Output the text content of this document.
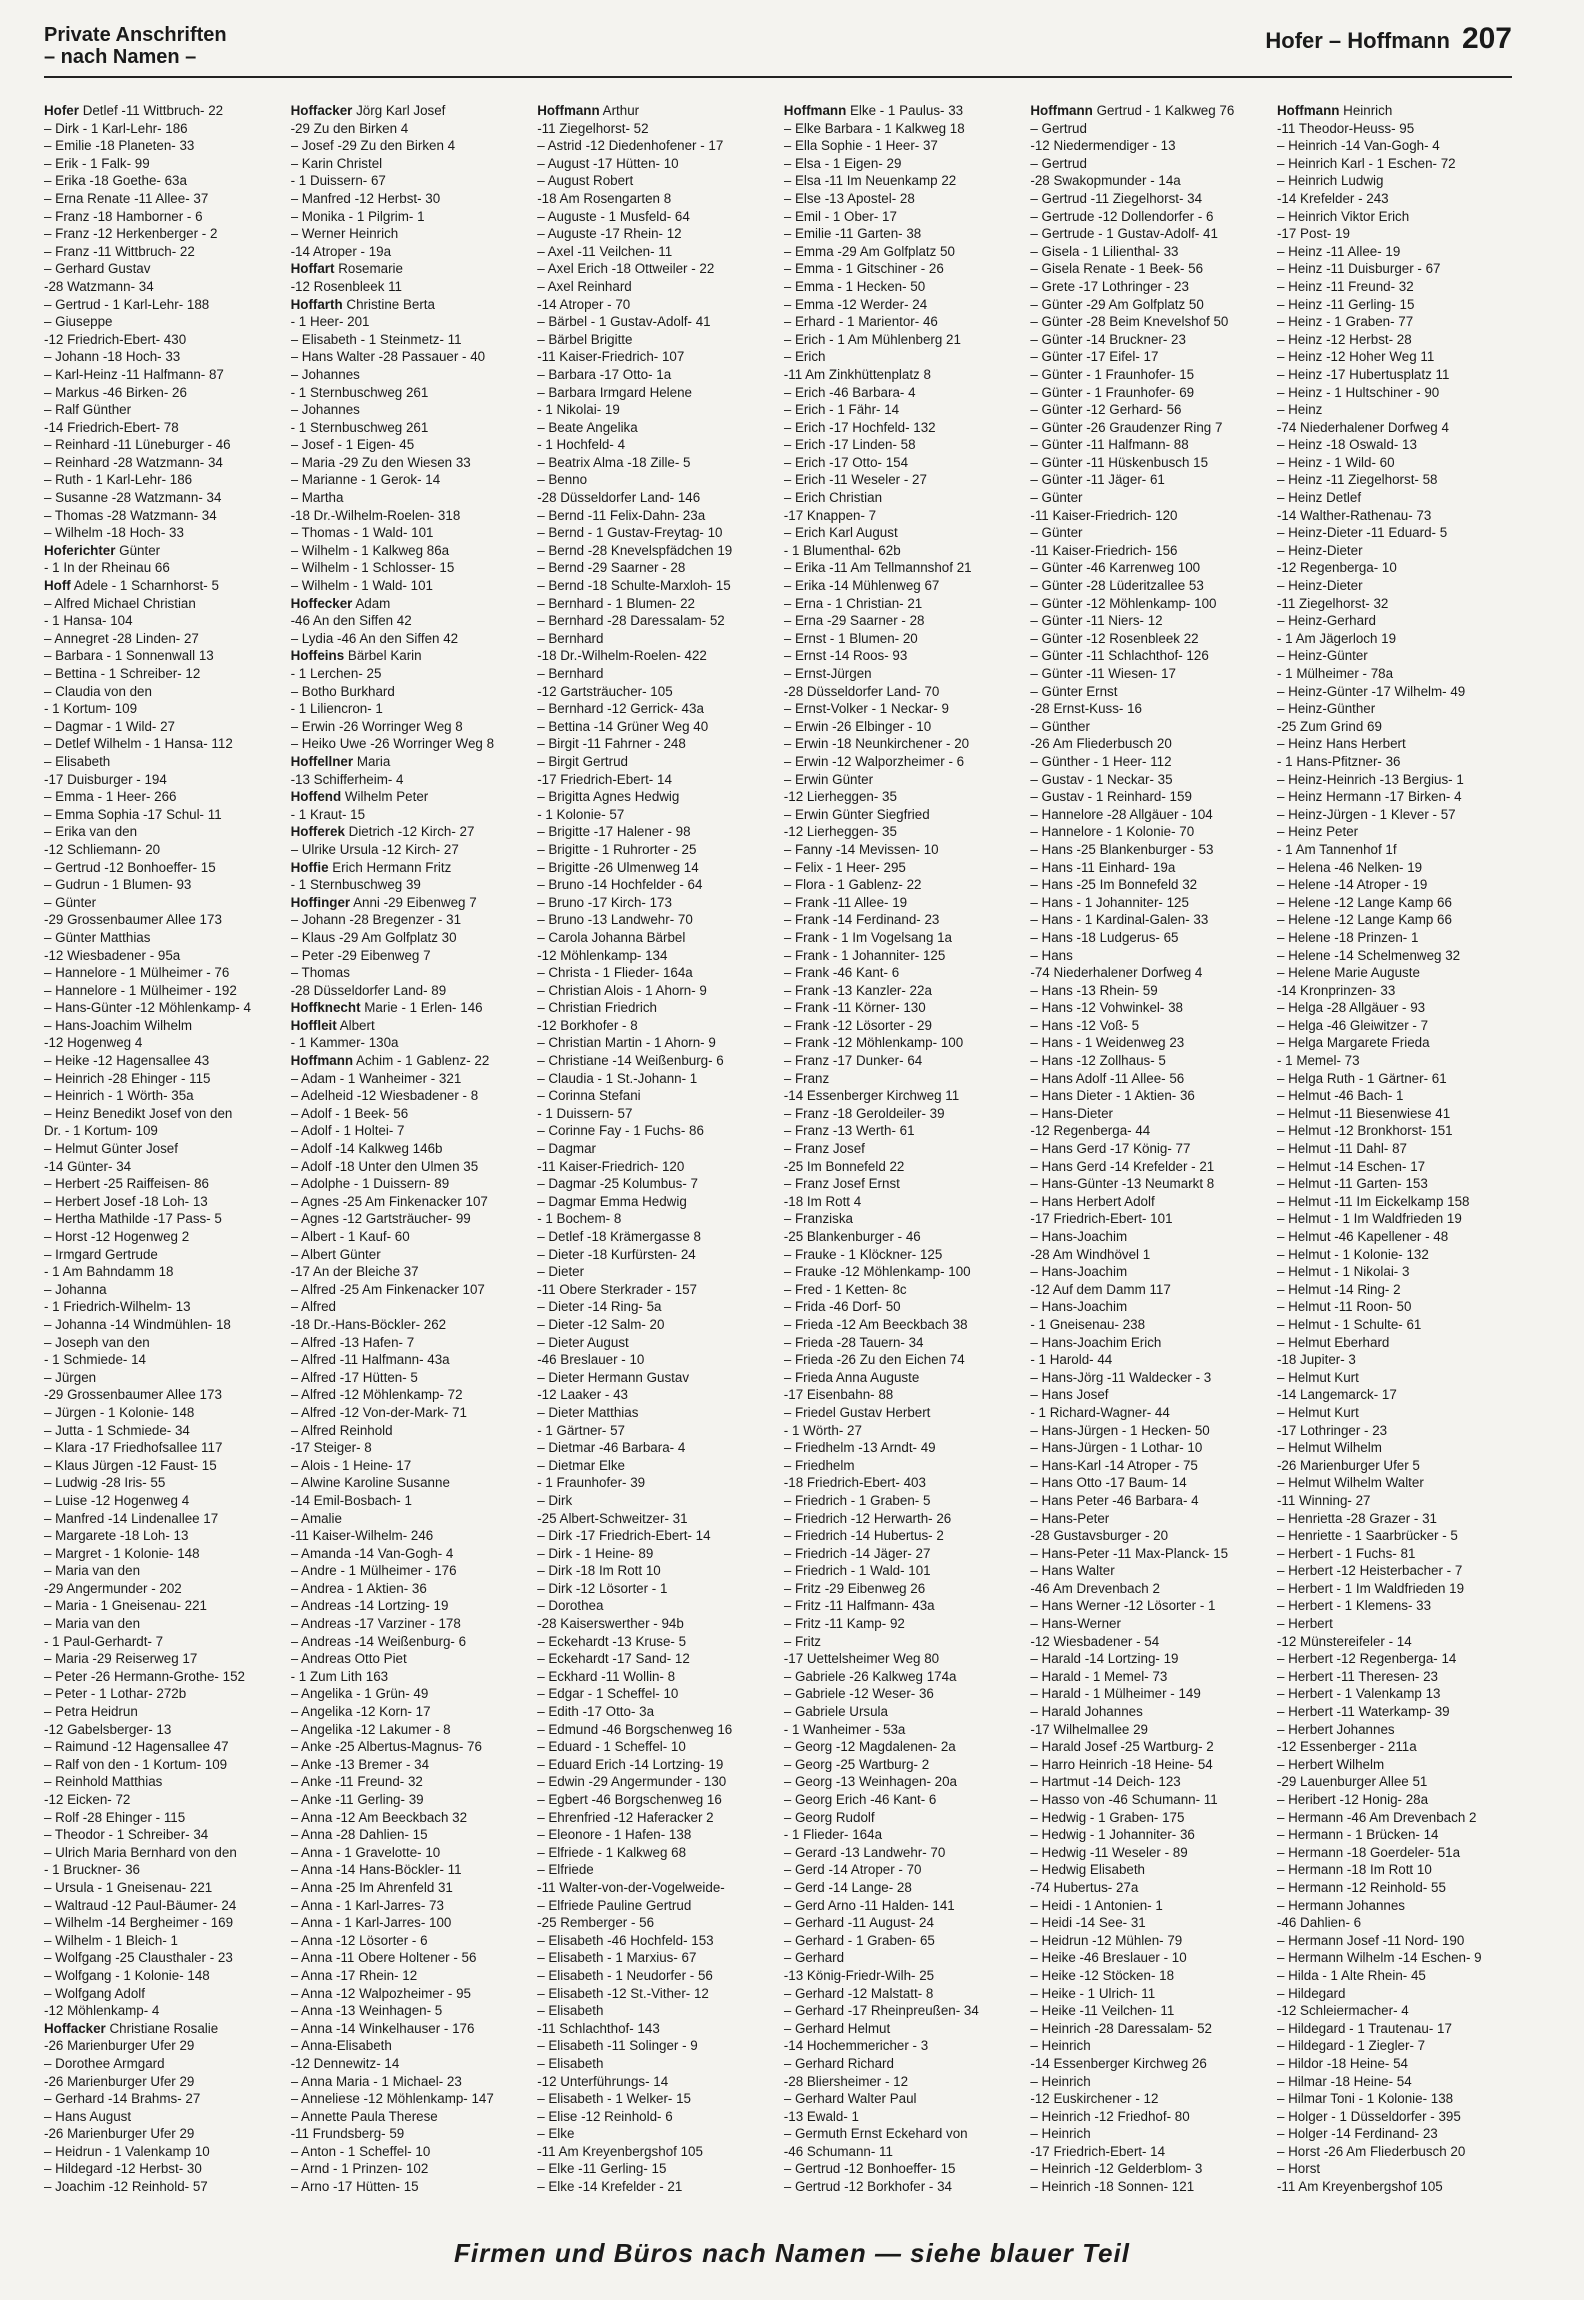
Private Anschriften
– nach Namen –
Hofer – Hoffmann 207
Hofer Detlef -11 Wittbruch- 22
– Dirk - 1 Karl-Lehr- 186
– Emilie -18 Planeten- 33
– Erik - 1 Falk- 99
– Erika -18 Goethe- 63a
– Erna Renate -11 Allee- 37
– Franz -18 Hamborner - 6
– Franz -12 Herkenberger - 2
– Franz -11 Wittbruch- 22
– Gerhard Gustav
-28 Watzmann- 34
– Gertrud - 1 Karl-Lehr- 188
– Giuseppe
-12 Friedrich-Ebert- 430
– Johann -18 Hoch- 33
– Karl-Heinz -11 Halfmann- 87
– Markus -46 Birken- 26
– Ralf Günther
-14 Friedrich-Ebert- 78
– Reinhard -11 Lüneburger - 46
– Reinhard -28 Watzmann- 34
– Ruth - 1 Karl-Lehr- 186
– Susanne -28 Watzmann- 34
– Thomas -28 Watzmann- 34
– Wilhelm -18 Hoch- 33
Hoferichter Günter
- 1 In der Rheinau 66
Hoff Adele - 1 Scharnhorst- 5
– Alfred Michael Christian
- 1 Hansa- 104
– Annegret -28 Linden- 27
– Barbara - 1 Sonnenwall 13
– Bettina - 1 Schreiber- 12
– Claudia von den
- 1 Kortum- 109
– Dagmar - 1 Wild- 27
– Detlef Wilhelm - 1 Hansa- 112
– Elisabeth
-17 Duisburger - 194
– Emma - 1 Heer- 266
– Emma Sophia -17 Schul- 11
– Erika van den
-12 Schliemann- 20
– Gertrud -12 Bonhoeffer- 15
– Gudrun - 1 Blumen- 93
– Günter
-29 Grossenbaumer Allee 173
– Günter Matthias
-12 Wiesbadener - 95a
– Hannelore - 1 Mülheimer - 76
– Hannelore - 1 Mülheimer - 192
– Hans-Günter -12 Möhlenkamp- 4
– Hans-Joachim Wilhelm
-12 Hogenweg 4
– Heike -12 Hagensallee 43
– Heinrich -28 Ehinger - 115
– Heinrich - 1 Wörth- 35a
– Heinz Benedikt Josef von den
Dr. - 1 Kortum- 109
– Helmut Günter Josef
-14 Günter- 34
– Herbert -25 Raiffeisen- 86
– Herbert Josef -18 Loh- 13
– Hertha Mathilde -17 Pass- 5
– Horst -12 Hogenweg 2
– Irmgard Gertrude
- 1 Am Bahndamm 18
– Johanna
- 1 Friedrich-Wilhelm- 13
– Johanna -14 Windmühlen- 18
– Joseph van den
- 1 Schmiede- 14
– Jürgen
-29 Grossenbaumer Allee 173
– Jürgen - 1 Kolonie- 148
– Jutta - 1 Schmiede- 34
– Klara -17 Friedhofsallee 117
– Klaus Jürgen -12 Faust- 15
– Ludwig -28 Iris- 55
– Luise -12 Hogenweg 4
– Manfred -14 Lindenallee 17
– Margarete -18 Loh- 13
– Margret - 1 Kolonie- 148
– Maria van den
-29 Angermunder - 202
– Maria - 1 Gneisenau- 221
– Maria van den
- 1 Paul-Gerhardt- 7
– Maria -29 Reiserweg 17
– Peter -26 Hermann-Grothe- 152
– Peter - 1 Lothar- 272b
– Petra Heidrun
-12 Gabelsberger- 13
– Raimund -12 Hagensallee 47
– Ralf von den - 1 Kortum- 109
– Reinhold Matthias
-12 Eicken- 72
– Rolf -28 Ehinger - 115
– Theodor - 1 Schreiber- 34
– Ulrich Maria Bernhard von den
- 1 Bruckner- 36
– Ursula - 1 Gneisenau- 221
– Waltraud -12 Paul-Bäumer- 24
– Wilhelm -14 Bergheimer - 169
– Wilhelm - 1 Bleich- 1
– Wolfgang -25 Clausthaler - 23
– Wolfgang - 1 Kolonie- 148
– Wolfgang Adolf
-12 Möhlenkamp- 4
Hoffacker Christiane Rosalie
-26 Marienburger Ufer 29
– Dorothee Armgard
-26 Marienburger Ufer 29
– Gerhard -14 Brahms- 27
– Hans August
-26 Marienburger Ufer 29
– Heidrun - 1 Valenkamp 10
– Hildegard -12 Herbst- 30
– Joachim -12 Reinhold- 57
Hoffacker Jörg Karl Josef
-29 Zu den Birken 4
– Josef -29 Zu den Birken 4
– Karin Christel
- 1 Duissern- 67
– Manfred -12 Herbst- 30
– Monika - 1 Pilgrim- 1
– Werner Heinrich
-14 Atroper - 19a
Hoffart Rosemarie
-12 Rosenbleek 11
Hoffarth Christine Berta
- 1 Heer- 201
– Elisabeth - 1 Steinmetz- 11
– Hans Walter -28 Passauer - 40
– Johannes
- 1 Sternbuschweg 261
– Johannes
- 1 Sternbuschweg 261
– Josef - 1 Eigen- 45
– Maria -29 Zu den Wiesen 33
– Marianne - 1 Gerok- 14
– Martha
-18 Dr.-Wilhelm-Roelen- 318
– Thomas - 1 Wald- 101
– Wilhelm - 1 Kalkweg 86a
– Wilhelm - 1 Schlosser- 15
– Wilhelm - 1 Wald- 101
Hoffecker Adam
-46 An den Siffen 42
– Lydia -46 An den Siffen 42
Hoffeins Bärbel Karin
- 1 Lerchen- 25
– Botho Burkhard
- 1 Liliencron- 1
– Erwin -26 Worringer Weg 8
– Heiko Uwe -26 Worringer Weg 8
Hoffellner Maria
-13 Schifferheim- 4
Hoffend Wilhelm Peter
- 1 Kraut- 15
Hofferek Dietrich -12 Kirch- 27
– Ulrike Ursula -12 Kirch- 27
Hoffie Erich Hermann Fritz
- 1 Sternbuschweg 39
Hoffinger Anni -29 Eibenweg 7
– Johann -28 Bregenzer - 31
– Klaus -29 Am Golfplatz 30
– Peter -29 Eibenweg 7
– Thomas
-28 Düsseldorfer Land- 89
Hoffknecht Marie - 1 Erlen- 146
Hoffleit Albert
- 1 Kammer- 130a
Hoffmann Achim - 1 Gablenz- 22
– Adam - 1 Wanheimer - 321
– Adelheid -12 Wiesbadener - 8
– Adolf - 1 Beek- 56
– Adolf - 1 Holtei- 7
– Adolf -14 Kalkweg 146b
– Adolf -18 Unter den Ulmen 35
– Adolphe - 1 Duissern- 89
– Agnes -25 Am Finkenacker 107
– Agnes -12 Gartsträucher- 99
– Albert - 1 Kauf- 60
– Albert Günter
-17 An der Bleiche 37
– Alfred -25 Am Finkenacker 107
– Alfred
-18 Dr.-Hans-Böckler- 262
– Alfred -13 Hafen- 7
– Alfred -11 Halfmann- 43a
– Alfred -17 Hütten- 5
– Alfred -12 Möhlenkamp- 72
– Alfred -12 Von-der-Mark- 71
– Alfred Reinhold
-17 Steiger- 8
– Alois - 1 Heine- 17
– Alwine Karoline Susanne
-14 Emil-Bosbach- 1
– Amalie
-11 Kaiser-Wilhelm- 246
– Amanda -14 Van-Gogh- 4
– Andre - 1 Mülheimer - 176
– Andrea - 1 Aktien- 36
– Andreas -14 Lortzing- 19
– Andreas -17 Varziner - 178
– Andreas -14 Weißenburg- 6
– Andreas Otto Piet
- 1 Zum Lith 163
– Angelika - 1 Grün- 49
– Angelika -12 Korn- 17
– Angelika -12 Lakumer - 8
– Anke -25 Albertus-Magnus- 76
– Anke -13 Bremer - 34
– Anke -11 Freund- 32
– Anke -11 Gerling- 39
– Anna -12 Am Beeckbach 32
– Anna -28 Dahlien- 15
– Anna - 1 Gravelotte- 10
– Anna -14 Hans-Böckler- 11
– Anna -25 Im Ahrenfeld 31
– Anna - 1 Karl-Jarres- 73
– Anna - 1 Karl-Jarres- 100
– Anna -12 Lösorter - 6
– Anna -11 Obere Holtener - 56
– Anna -17 Rhein- 12
– Anna -12 Walpozheimer - 95
– Anna -13 Weinhagen- 5
– Anna -14 Winkelhauser - 176
– Anna-Elisabeth
-12 Dennewitz- 14
– Anna Maria - 1 Michael- 23
– Anneliese -12 Möhlenkamp- 147
– Annette Paula Therese
-11 Frundsberg- 59
– Anton - 1 Scheffel- 10
– Arnd - 1 Prinzen- 102
– Arno -17 Hütten- 15
Hoffmann Arthur
-11 Ziegelhorst- 52
– Astrid -12 Diedenhofener - 17
– August -17 Hütten- 10
– August Robert
-18 Am Rosengarten 8
– Auguste - 1 Musfeld- 64
– Auguste -17 Rhein- 12
– Axel -11 Veilchen- 11
– Axel Erich -18 Ottweiler - 22
– Axel Reinhard
-14 Atroper - 70
– Bärbel - 1 Gustav-Adolf- 41
– Bärbel Brigitte
-11 Kaiser-Friedrich- 107
– Barbara -17 Otto- 1a
– Barbara Irmgard Helene
- 1 Nikolai- 19
– Beate Angelika
- 1 Hochfeld- 4
– Beatrix Alma -18 Zille- 5
– Benno
-28 Düsseldorfer Land- 146
– Bernd -11 Felix-Dahn- 23a
– Bernd - 1 Gustav-Freytag- 10
– Bernd -28 Knevelspfädchen 19
– Bernd -29 Saarner - 28
– Bernd -18 Schulte-Marxloh- 15
– Bernhard - 1 Blumen- 22
– Bernhard -28 Daressalam- 52
– Bernhard
-18 Dr.-Wilhelm-Roelen- 422
– Bernhard
-12 Gartsträucher- 105
– Bernhard -12 Gerrick- 43a
– Bettina -14 Grüner Weg 40
– Birgit -11 Fahrner - 248
– Birgit Gertrud
-17 Friedrich-Ebert- 14
– Brigitta Agnes Hedwig
- 1 Kolonie- 57
– Brigitte -17 Halener - 98
– Brigitte - 1 Ruhrorter - 25
– Brigitte -26 Ulmenweg 14
– Bruno -14 Hochfelder - 64
– Bruno -17 Kirch- 173
– Bruno -13 Landwehr- 70
– Carola Johanna Bärbel
-12 Möhlenkamp- 134
– Christa - 1 Flieder- 164a
– Christian Alois - 1 Ahorn- 9
– Christian Friedrich
-12 Borkhofer - 8
– Christian Martin - 1 Ahorn- 9
– Christiane -14 Weißenburg- 6
– Claudia - 1 St.-Johann- 1
– Corinna Stefani
- 1 Duissern- 57
– Corinne Fay - 1 Fuchs- 86
– Dagmar
-11 Kaiser-Friedrich- 120
– Dagmar -25 Kolumbus- 7
– Dagmar Emma Hedwig
- 1 Bochem- 8
– Detlef -18 Krämergasse 8
– Dieter -18 Kurfürsten- 24
– Dieter
-11 Obere Sterkrader - 157
– Dieter -14 Ring- 5a
– Dieter -12 Salm- 20
– Dieter August
-46 Breslauer - 10
– Dieter Hermann Gustav
-12 Laaker - 43
– Dieter Matthias
- 1 Gärtner- 57
– Dietmar -46 Barbara- 4
– Dietmar Elke
- 1 Fraunhofer- 39
– Dirk
-25 Albert-Schweitzer- 31
– Dirk -17 Friedrich-Ebert- 14
– Dirk - 1 Heine- 89
– Dirk -18 Im Rott 10
– Dirk -12 Lösorter - 1
– Dorothea
-28 Kaiserswerther - 94b
– Eckehardt -13 Kruse- 5
– Eckehardt -17 Sand- 12
– Eckhard -11 Wollin- 8
– Edgar - 1 Scheffel- 10
– Edith -17 Otto- 3a
– Edmund -46 Borgschenweg 16
– Eduard - 1 Scheffel- 10
– Eduard Erich -14 Lortzing- 19
– Edwin -29 Angermunder - 130
– Egbert -46 Borgschenweg 16
– Ehrenfried -12 Haferacker 2
– Eleonore - 1 Hafen- 138
– Elfriede - 1 Kalkweg 68
– Elfriede
-11 Walter-von-der-Vogelweide-
– Elfriede Pauline Gertrud
-25 Remberger - 56
– Elisabeth -46 Hochfeld- 153
– Elisabeth - 1 Marxius- 67
– Elisabeth - 1 Neudorfer - 56
– Elisabeth -12 St.-Vither- 12
– Elisabeth
-11 Schlachthof- 143
– Elisabeth -11 Solinger - 9
– Elisabeth
-12 Unterführungs- 14
– Elisabeth - 1 Welker- 15
– Elise -12 Reinhold- 6
– Elke
-11 Am Kreyenbergshof 105
– Elke -11 Gerling- 15
– Elke -14 Krefelder - 21
Hoffmann Elke - 1 Paulus- 33
– Elke Barbara - 1 Kalkweg 18
– Ella Sophie - 1 Heer- 37
– Elsa - 1 Eigen- 29
– Elsa -11 Im Neuenkamp 22
– Else -13 Apostel- 28
– Emil - 1 Ober- 17
– Emilie -11 Garten- 38
– Emma -29 Am Golfplatz 50
– Emma - 1 Gitschiner - 26
– Emma - 1 Hecken- 50
– Emma -12 Werder- 24
– Erhard - 1 Marientor- 46
– Erich - 1 Am Mühlenberg 21
– Erich
-11 Am Zinkhüttenplatz 8
– Erich -46 Barbara- 4
– Erich - 1 Fähr- 14
– Erich -17 Hochfeld- 132
– Erich -17 Linden- 58
– Erich -17 Otto- 154
– Erich -11 Weseler - 27
– Erich Christian
-17 Knappen- 7
– Erich Karl August
- 1 Blumenthal- 62b
– Erika -11 Am Tellmannshof 21
– Erika -14 Mühlenweg 67
– Erna - 1 Christian- 21
– Erna -29 Saarner - 28
– Ernst - 1 Blumen- 20
– Ernst -14 Roos- 93
– Ernst-Jürgen
-28 Düsseldorfer Land- 70
– Ernst-Volker - 1 Neckar- 9
– Erwin -26 Elbinger - 10
– Erwin -18 Neunkirchener - 20
– Erwin -12 Walporzheimer - 6
– Erwin Günter
-12 Lierheggen- 35
– Erwin Günter Siegfried
-12 Lierheggen- 35
– Fanny -14 Mevissen- 10
– Felix - 1 Heer- 295
– Flora - 1 Gablenz- 22
– Frank -11 Allee- 19
– Frank -14 Ferdinand- 23
– Frank - 1 Im Vogelsang 1a
– Frank - 1 Johanniter- 125
– Frank -46 Kant- 6
– Frank -13 Kanzler- 22a
– Frank -11 Körner- 130
– Frank -12 Lösorter - 29
– Frank -12 Möhlenkamp- 100
– Franz -17 Dunker- 64
– Franz
-14 Essenberger Kirchweg 11
– Franz -18 Geroldeiler- 39
– Franz -13 Werth- 61
– Franz Josef
-25 Im Bonnefeld 22
– Franz Josef Ernst
-18 Im Rott 4
– Franziska
-25 Blankenburger - 46
– Frauke - 1 Klöckner- 125
– Frauke -12 Möhlenkamp- 100
– Fred - 1 Ketten- 8c
– Frida -46 Dorf- 50
– Frieda -12 Am Beeckbach 38
– Frieda -28 Tauern- 34
– Frieda -26 Zu den Eichen 74
– Frieda Anna Auguste
-17 Eisenbahn- 88
– Friedel Gustav Herbert
- 1 Wörth- 27
– Friedhelm -13 Arndt- 49
– Friedhelm
-18 Friedrich-Ebert- 403
– Friedrich - 1 Graben- 5
– Friedrich -12 Herwarth- 26
– Friedrich -14 Hubertus- 2
– Friedrich -14 Jäger- 27
– Friedrich - 1 Wald- 101
– Fritz -29 Eibenweg 26
– Fritz -11 Halfmann- 43a
– Fritz -11 Kamp- 92
– Fritz
-17 Uettelsheimer Weg 80
– Gabriele -26 Kalkweg 174a
– Gabriele -12 Weser- 36
– Gabriele Ursula
- 1 Wanheimer - 53a
– Georg -12 Magdalenen- 2a
– Georg -25 Wartburg- 2
– Georg -13 Weinhagen- 20a
– Georg Erich -46 Kant- 6
– Georg Rudolf
- 1 Flieder- 164a
– Gerard -13 Landwehr- 70
– Gerd -14 Atroper - 70
– Gerd -14 Lange- 28
– Gerd Arno -11 Halden- 141
– Gerhard -11 August- 24
– Gerhard - 1 Graben- 65
– Gerhard
-13 König-Friedr-Wilh- 25
– Gerhard -12 Malstatt- 8
– Gerhard -17 Rheinpreußen- 34
– Gerhard Helmut
-14 Hochemmericher - 3
– Gerhard Richard
-28 Bliersheimer - 12
– Gerhard Walter Paul
-13 Ewald- 1
– Germuth Ernst Eckehard von
-46 Schumann- 11
– Gertrud -12 Bonhoeffer- 15
– Gertrud -12 Borkhofer - 34
Hoffmann Gertrud - 1 Kalkweg 76
– Gertrud
-12 Niedermendiger - 13
– Gertrud
-28 Swakopmunder - 14a
– Gertrud -11 Ziegelhorst- 34
– Gertrude -12 Dollendorfer - 6
– Gertrude - 1 Gustav-Adolf- 41
– Gisela - 1 Lilienthal- 33
– Gisela Renate - 1 Beek- 56
– Grete -17 Lothringer - 23
– Günter -29 Am Golfplatz 50
– Günter -28 Beim Knevelshof 50
– Günter -14 Bruckner- 23
– Günter -17 Eifel- 17
– Günter - 1 Fraunhofer- 15
– Günter - 1 Fraunhofer- 69
– Günter -12 Gerhard- 56
– Günter -26 Graudenzer Ring 7
– Günter -11 Halfmann- 88
– Günter -11 Hüskenbusch 15
– Günter -11 Jäger- 61
– Günter
-11 Kaiser-Friedrich- 120
– Günter
-11 Kaiser-Friedrich- 156
– Günter -46 Karrenweg 100
– Günter -28 Lüderitzallee 53
– Günter -12 Möhlenkamp- 100
– Günter -11 Niers- 12
– Günter -12 Rosenbleek 22
– Günter -11 Schlachthof- 126
– Günter -11 Wiesen- 17
– Günter Ernst
-28 Ernst-Kuss- 16
– Günther
-26 Am Fliederbusch 20
– Günther - 1 Heer- 112
– Gustav - 1 Neckar- 35
– Gustav - 1 Reinhard- 159
– Hannelore -28 Allgäuer - 104
– Hannelore - 1 Kolonie- 70
– Hans -25 Blankenburger - 53
– Hans -11 Einhard- 19a
– Hans -25 Im Bonnefeld 32
– Hans - 1 Johanniter- 125
– Hans - 1 Kardinal-Galen- 33
– Hans -18 Ludgerus- 65
– Hans
-74 Niederhalener Dorfweg 4
– Hans -13 Rhein- 59
– Hans -12 Vohwinkel- 38
– Hans -12 Voß- 5
– Hans - 1 Weidenweg 23
– Hans -12 Zollhaus- 5
– Hans Adolf -11 Allee- 56
– Hans Dieter - 1 Aktien- 36
– Hans-Dieter
-12 Regenberga- 44
– Hans Gerd -17 König- 77
– Hans Gerd -14 Krefelder - 21
– Hans-Günter -13 Neumarkt 8
– Hans Herbert Adolf
-17 Friedrich-Ebert- 101
– Hans-Joachim
-28 Am Windhövel 1
– Hans-Joachim
-12 Auf dem Damm 117
– Hans-Joachim
- 1 Gneisenau- 238
– Hans-Joachim Erich
- 1 Harold- 44
– Hans-Jörg -11 Waldecker - 3
– Hans Josef
- 1 Richard-Wagner- 44
– Hans-Jürgen - 1 Hecken- 50
– Hans-Jürgen - 1 Lothar- 10
– Hans-Karl -14 Atroper - 75
– Hans Otto -17 Baum- 14
– Hans Peter -46 Barbara- 4
– Hans-Peter
-28 Gustavsburger - 20
– Hans-Peter -11 Max-Planck- 15
– Hans Walter
-46 Am Drevenbach 2
– Hans Werner -12 Lösorter - 1
– Hans-Werner
-12 Wiesbadener - 54
– Harald -14 Lortzing- 19
– Harald - 1 Memel- 73
– Harald - 1 Mülheimer - 149
– Harald Johannes
-17 Wilhelmallee 29
– Harald Josef -25 Wartburg- 2
– Harro Heinrich -18 Heine- 54
– Hartmut -14 Deich- 123
– Hasso von -46 Schumann- 11
– Hedwig - 1 Graben- 175
– Hedwig - 1 Johanniter- 36
– Hedwig -11 Weseler - 89
– Hedwig Elisabeth
-74 Hubertus- 27a
– Heidi - 1 Antonien- 1
– Heidi -14 See- 31
– Heidrun -12 Mühlen- 79
– Heike -46 Breslauer - 10
– Heike -12 Stöcken- 18
– Heike - 1 Ulrich- 11
– Heike -11 Veilchen- 11
– Heinrich -28 Daressalam- 52
– Heinrich
-14 Essenberger Kirchweg 26
– Heinrich
-12 Euskirchener - 12
– Heinrich -12 Friedhof- 80
– Heinrich
-17 Friedrich-Ebert- 14
– Heinrich -12 Gelderblom- 3
– Heinrich -18 Sonnen- 121
Hoffmann Heinrich
-11 Theodor-Heuss- 95
– Heinrich -14 Van-Gogh- 4
– Heinrich Karl - 1 Eschen- 72
– Heinrich Ludwig
-14 Krefelder - 243
– Heinrich Viktor Erich
-17 Post- 19
– Heinz -11 Allee- 19
– Heinz -11 Duisburger - 67
– Heinz -11 Freund- 32
– Heinz -11 Gerling- 15
– Heinz - 1 Graben- 77
– Heinz -12 Herbst- 28
– Heinz -12 Hoher Weg 11
– Heinz -17 Hubertusplatz 11
– Heinz - 1 Hultschiner - 90
– Heinz
-74 Niederhalener Dorfweg 4
– Heinz -18 Oswald- 13
– Heinz - 1 Wild- 60
– Heinz -11 Ziegelhorst- 58
– Heinz Detlef
-14 Walther-Rathenau- 73
– Heinz-Dieter -11 Eduard- 5
– Heinz-Dieter
-12 Regenberga- 10
– Heinz-Dieter
-11 Ziegelhorst- 32
– Heinz-Gerhard
- 1 Am Jägerloch 19
– Heinz-Günter
- 1 Mülheimer - 78a
– Heinz-Günter -17 Wilhelm- 49
– Heinz-Günther
-25 Zum Grind 69
– Heinz Hans Herbert
- 1 Hans-Pfitzner- 36
– Heinz-Heinrich -13 Bergius- 1
– Heinz Hermann -17 Birken- 4
– Heinz-Jürgen - 1 Klever - 57
– Heinz Peter
- 1 Am Tannenhof 1f
– Helena -46 Nelken- 19
– Helene -14 Atroper - 19
– Helene -12 Lange Kamp 66
– Helene -12 Lange Kamp 66
– Helene -18 Prinzen- 1
– Helene -14 Schelmenweg 32
– Helene Marie Auguste
-14 Kronprinzen- 33
– Helga -28 Allgäuer - 93
– Helga -46 Gleiwitzer - 7
– Helga Margarete Frieda
- 1 Memel- 73
– Helga Ruth - 1 Gärtner- 61
– Helmut -46 Bach- 1
– Helmut -11 Biesenwiese 41
– Helmut -12 Bronkhorst- 151
– Helmut -11 Dahl- 87
– Helmut -14 Eschen- 17
– Helmut -11 Garten- 153
– Helmut -11 Im Eickelkamp 158
– Helmut - 1 Im Waldfrieden 19
– Helmut -46 Kapellener - 48
– Helmut - 1 Kolonie- 132
– Helmut - 1 Nikolai- 3
– Helmut -14 Ring- 2
– Helmut -11 Roon- 50
– Helmut - 1 Schulte- 61
– Helmut Eberhard
-18 Jupiter- 3
– Helmut Kurt
-14 Langemarck- 17
– Helmut Kurt
-17 Lothringer - 23
– Helmut Wilhelm
-26 Marienburger Ufer 5
– Helmut Wilhelm Walter
-11 Winning- 27
– Henrietta -28 Grazer - 31
– Henriette - 1 Saarbrücker - 5
– Herbert - 1 Fuchs- 81
– Herbert -12 Heisterbacher - 7
– Herbert - 1 Im Waldfrieden 19
– Herbert - 1 Klemens- 33
– Herbert
-12 Münstereifeler - 14
– Herbert -12 Regenberga- 14
– Herbert -11 Theresen- 23
– Herbert - 1 Valenkamp 13
– Herbert -11 Waterkamp- 39
– Herbert Johannes
-12 Essenberger - 211a
– Herbert Wilhelm
-29 Lauenburger Allee 51
– Heribert -12 Honig- 28a
– Hermann -46 Am Drevenbach 2
– Hermann - 1 Brücken- 14
– Hermann -18 Goerdeler- 51a
– Hermann -18 Im Rott 10
– Hermann -12 Reinhold- 55
– Hermann Johannes
-46 Dahlien- 6
– Hermann Josef -11 Nord- 190
– Hermann Wilhelm -14 Eschen- 9
– Hilda - 1 Alte Rhein- 45
– Hildegard
-12 Schleiermacher- 4
– Hildegard - 1 Trautenau- 17
– Hildegard - 1 Ziegler- 7
– Hildor -18 Heine- 54
– Hilmar -18 Heine- 54
– Hilmar Toni - 1 Kolonie- 138
– Holger - 1 Düsseldorfer - 395
– Holger -14 Ferdinand- 23
– Horst -26 Am Fliederbusch 20
– Horst
-11 Am Kreyenbergshof 105
Firmen und Büros nach Namen — siehe blauer Teil
